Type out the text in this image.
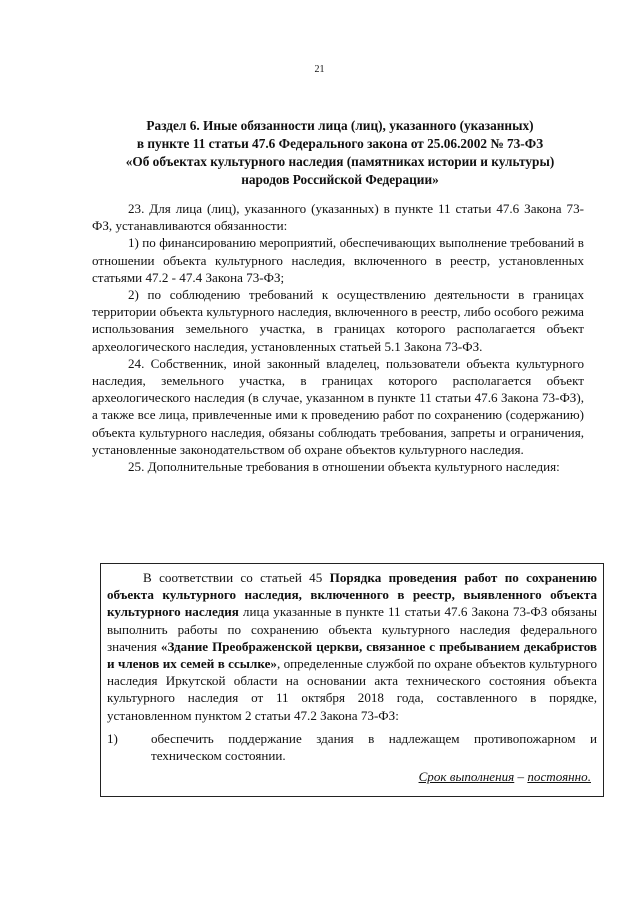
21
Раздел 6. Иные обязанности лица (лиц), указанного (указанных)
в пункте 11 статьи 47.6 Федерального закона от 25.06.2002 № 73-ФЗ
«Об объектах культурного наследия (памятниках истории и культуры)
народов Российской Федерации»

23. Для лица (лиц), указанного (указанных) в пункте 11 статьи 47.6 Закона 73-ФЗ, устанавливаются обязанности:

1) по финансированию мероприятий, обеспечивающих выполнение требований в отношении объекта культурного наследия, включенного в реестр, установленных статьями 47.2 - 47.4 Закона 73-ФЗ;

2) по соблюдению требований к осуществлению деятельности в границах территории объекта культурного наследия, включенного в реестр, либо особого режима использования земельного участка, в границах которого располагается объект археологического наследия, установленных статьей 5.1 Закона 73-ФЗ.

24. Собственник, иной законный владелец, пользователи объекта культурного наследия, земельного участка, в границах которого располагается объект археологического наследия (в случае, указанном в пункте 11 статьи 47.6 Закона 73-ФЗ), а также все лица, привлеченные ими к проведению работ по сохранению (содержанию) объекта культурного наследия, обязаны соблюдать требования, запреты и ограничения, установленные законодательством об охране объектов культурного наследия.

25. Дополнительные требования в отношении объекта культурного наследия:

В соответствии со статьей 45 Порядка проведения работ по сохранению объекта культурного наследия, включенного в реестр, выявленного объекта культурного наследия лица указанные в пункте 11 статьи 47.6 Закона 73-ФЗ обязаны выполнить работы по сохранению объекта культурного наследия федерального значения «Здание Преображенской церкви, связанное с пребыванием декабристов и членов их семей в ссылке», определенные службой по охране объектов культурного наследия Иркутской области на основании акта технического состояния объекта культурного наследия от 11 октября 2018 года, составленного в порядке, установленном пунктом 2 статьи 47.2 Закона 73-ФЗ:

1)	обеспечить поддержание здания в надлежащем противопожарном и техническом состоянии.

Срок выполнения – постоянно.
